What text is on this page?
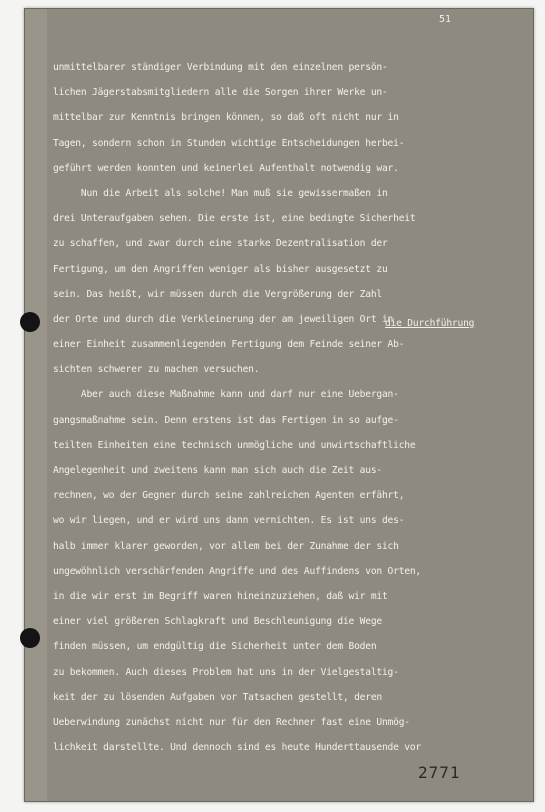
51
unmittelbarer ständiger Verbindung mit den einzelnen persön-
lichen Jägerstabsmitgliedern alle die Sorgen ihrer Werke un-
mittelbar zur Kenntnis bringen können, so daß oft nicht nur in
Tagen, sondern schon in Stunden wichtige Entscheidungen herbei-
geführt werden konnten und keinerlei Aufenthalt notwendig war.
Nun die Arbeit als solche! Man muß sie gewissermaßen in
drei Unteraufgaben sehen. Die erste ist, eine bedingte Sicherheit
zu schaffen, und zwar durch eine starke Dezentralisation der
Fertigung, um den Angriffen weniger als bisher ausgesetzt zu
sein. Das heißt, wir müssen durch die Vergrößerung der Zahl
der Orte und durch die Verkleinerung der am jeweiligen Ort in
einer Einheit zusammenliegenden Fertigung dem Feinde seiner Ab-
sichten schwerer zu machen versuchen.
Aber auch diese Maßnahme kann und darf nur eine Uebergan-
gangsmaßnahme sein. Denn erstens ist das Fertigen in so aufge-
teilten Einheiten eine technisch unmögliche und unwirtschaftliche
Angelegenheit und zweitens kann man sich auch die Zeit aus-
rechnen, wo der Gegner durch seine zahlreichen Agenten erfährt,
wo wir liegen, und er wird uns dann vernichten. Es ist uns des-
halb immer klarer geworden, vor allem bei der Zunahme der sich
ungewöhnlich verschärfenden Angriffe und des Auffindens von Orten,
in die wir erst im Begriff waren hineinzuziehen, daß wir mit
einer viel größeren Schlagkraft und Beschleunigung die Wege
finden müssen, um endgültig die Sicherheit unter dem Boden
zu bekommen. Auch dieses Problem hat uns in der Vielgestaltig-
keit der zu lösenden Aufgaben vor Tatsachen gestellt, deren
Ueberwindung zunächst nicht nur für den Rechner fast eine Unmög-
lichkeit darstellte. Und dennoch sind es heute Hunderttausende vor
die Durchführung
2771
